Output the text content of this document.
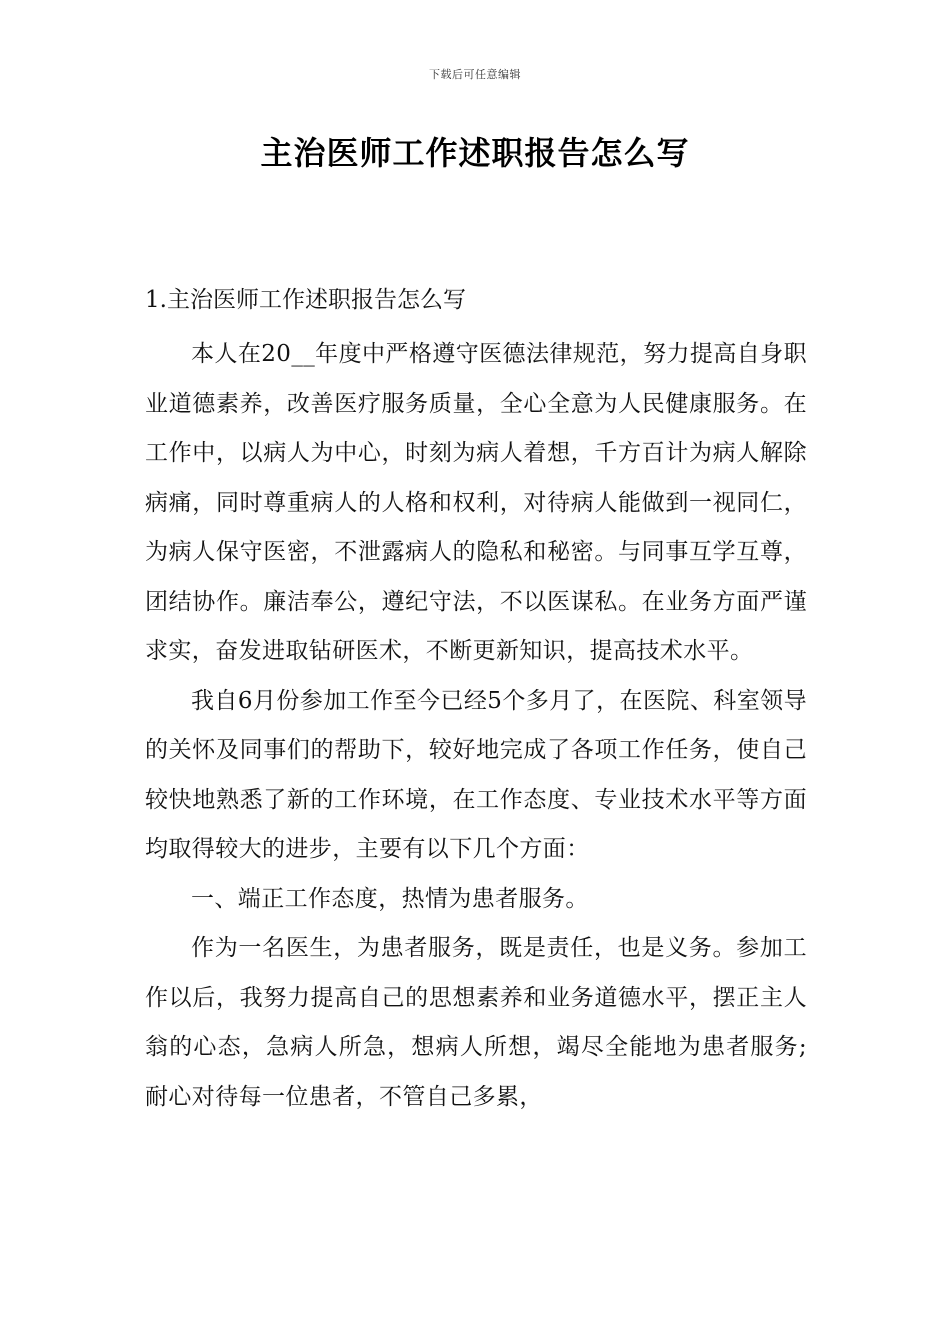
下载后可任意编辑
主治医师工作述职报告怎么写
1.主治医师工作述职报告怎么写

本人在20__年度中严格遵守医德法律规范，努力提高自身职业道德素养，改善医疗服务质量，全心全意为人民健康服务。在工作中，以病人为中心，时刻为病人着想，千方百计为病人解除病痛，同时尊重病人的人格和权利，对待病人能做到一视同仁，为病人保守医密，不泄露病人的隐私和秘密。与同事互学互尊，团结协作。廉洁奉公，遵纪守法，不以医谋私。在业务方面严谨求实，奋发进取钻研医术，不断更新知识，提高技术水平。

我自6月份参加工作至今已经5个多月了，在医院、科室领导的关怀及同事们的帮助下，较好地完成了各项工作任务，使自己较快地熟悉了新的工作环境，在工作态度、专业技术水平等方面均取得较大的进步，主要有以下几个方面：

一、端正工作态度，热情为患者服务。

作为一名医生，为患者服务，既是责任，也是义务。参加工作以后，我努力提高自己的思想素养和业务道德水平，摆正主人翁的心态，急病人所急，想病人所想，竭尽全能地为患者服务;耐心对待每一位患者，不管自己多累，
